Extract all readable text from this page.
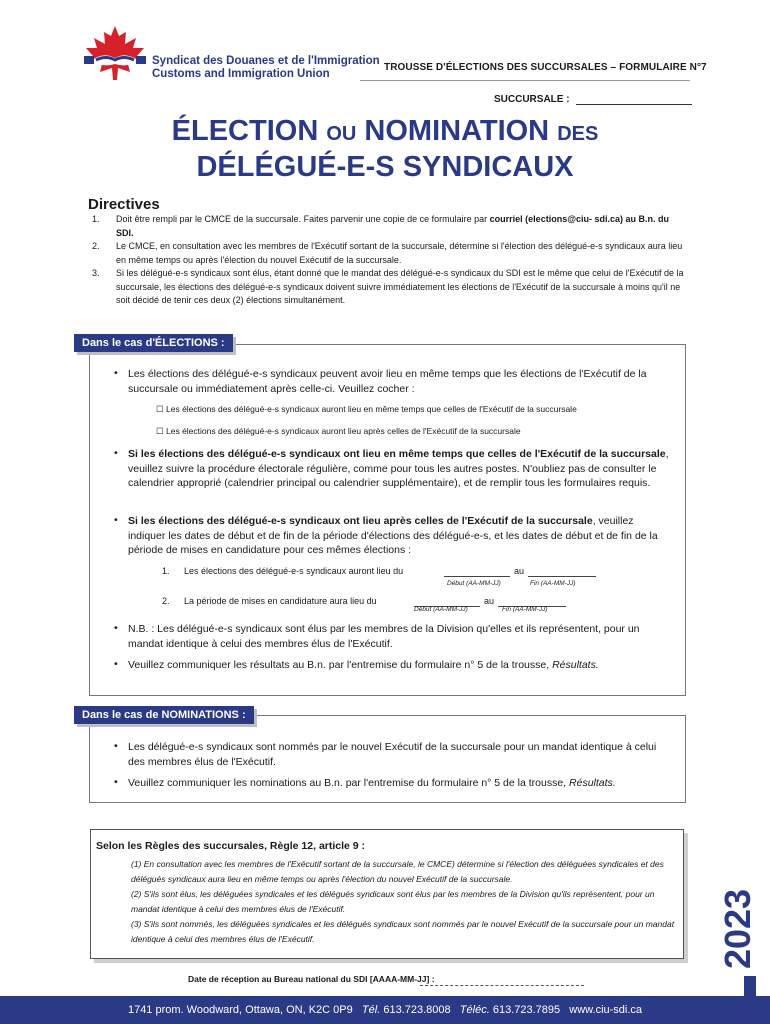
Syndicat des Douanes et de l'Immigration
Customs and Immigration Union
TROUSSE D'ÉLECTIONS DES SUCCURSALES – FORMULAIRE N°7
SUCCURSALE :
ÉLECTION OU NOMINATION DES
DÉLÉGUÉ-E-S SYNDICAUX
Directives
1.	Doit être rempli par le CMCE de la succursale. Faites parvenir une copie de ce formulaire par courriel (elections@ciu- sdi.ca) au B.n. du SDI.
2.	Le CMCE, en consultation avec les membres de l'Exécutif sortant de la succursale, détermine si l'élection des délégué-e-s syndicaux aura lieu en même temps ou après l'élection du nouvel Exécutif de la succursale.
3.	Si les délégué-e-s syndicaux sont élus, étant donné que le mandat des délégué-e-s syndicaux du SDI est le même que celui de l'Exécutif de la succursale, les élections des délégué-e-s syndicaux doivent suivre immédiatement les élections de l'Exécutif de la succursale à moins qu'il ne soit décidé de tenir ces deux (2) élections simultanément.
Dans le cas d'ÉLECTIONS :
• Les élections des délégué-e-s syndicaux peuvent avoir lieu en même temps que les élections de l'Exécutif de la succursale ou immédiatement après celle-ci. Veuillez cocher :
☐ Les élections des délégué-e-s syndicaux auront lieu en même temps que celles de l'Exécutif de la succursale
☐ Les élections des délégué-e-s syndicaux auront lieu après celles de l'Exécutif de la succursale
• Si les élections des délégué-e-s syndicaux ont lieu en même temps que celles de l'Exécutif de la succursale, veuillez suivre la procédure électorale régulière, comme pour tous les autres postes. N'oubliez pas de consulter le calendrier approprié (calendrier principal ou calendrier supplémentaire), et de remplir tous les formulaires requis.
• Si les élections des délégué-e-s syndicaux ont lieu après celles de l'Exécutif de la succursale, veuillez indiquer les dates de début et de fin de la période d'élections des délégué-e-s, et les dates de début et de fin de la période de mises en candidature pour ces mêmes élections :
1. Les élections des délégué-e-s syndicaux auront lieu du	au
Début (AA-MM-JJ)	Fin (AA-MM-JJ)
2. La période de mises en candidature aura lieu du	au
Début (AA-MM-JJ)	Fin (AA-MM-JJ)
• N.B. : Les délégué-e-s syndicaux sont élus par les membres de la Division qu'elles et ils représentent, pour un mandat identique à celui des membres élus de l'Exécutif.
• Veuillez communiquer les résultats au B.n. par l'entremise du formulaire n° 5 de la trousse, Résultats.
Dans le cas de NOMINATIONS :
• Les délégué-e-s syndicaux sont nommés par le nouvel Exécutif de la succursale pour un mandat identique à celui des membres élus de l'Exécutif.
• Veuillez communiquer les nominations au B.n. par l'entremise du formulaire n° 5 de la trousse, Résultats.
Selon les Règles des succursales, Règle 12, article 9 :
(1) En consultation avec les membres de l'Exécutif sortant de la succursale, le CMCE) détermine si l'élection des déléguées syndicales et des délégués syndicaux aura lieu en même temps ou après l'élection du nouvel Exécutif de la succursale.
(2) S'ils sont élus, les déléguées syndicales et les délégués syndicaux sont élus par les membres de la Division qu'ils représentent, pour un mandat identique à celui des membres élus de l'Exécutif.
(3) S'ils sont nommés, les déléguées syndicales et les délégués syndicaux sont nommés par le nouvel Exécutif de la succursale pour un mandat identique à celui des membres élus de l'Exécutif.	2023
Date de réception au Bureau national du SDI [AAAA-MM-JJ] :
1741 prom. Woodward, Ottawa, ON, K2C 0P9 Tél. 613.723.8008 Téléc. 613.723.7895 www.ciu-sdi.ca
